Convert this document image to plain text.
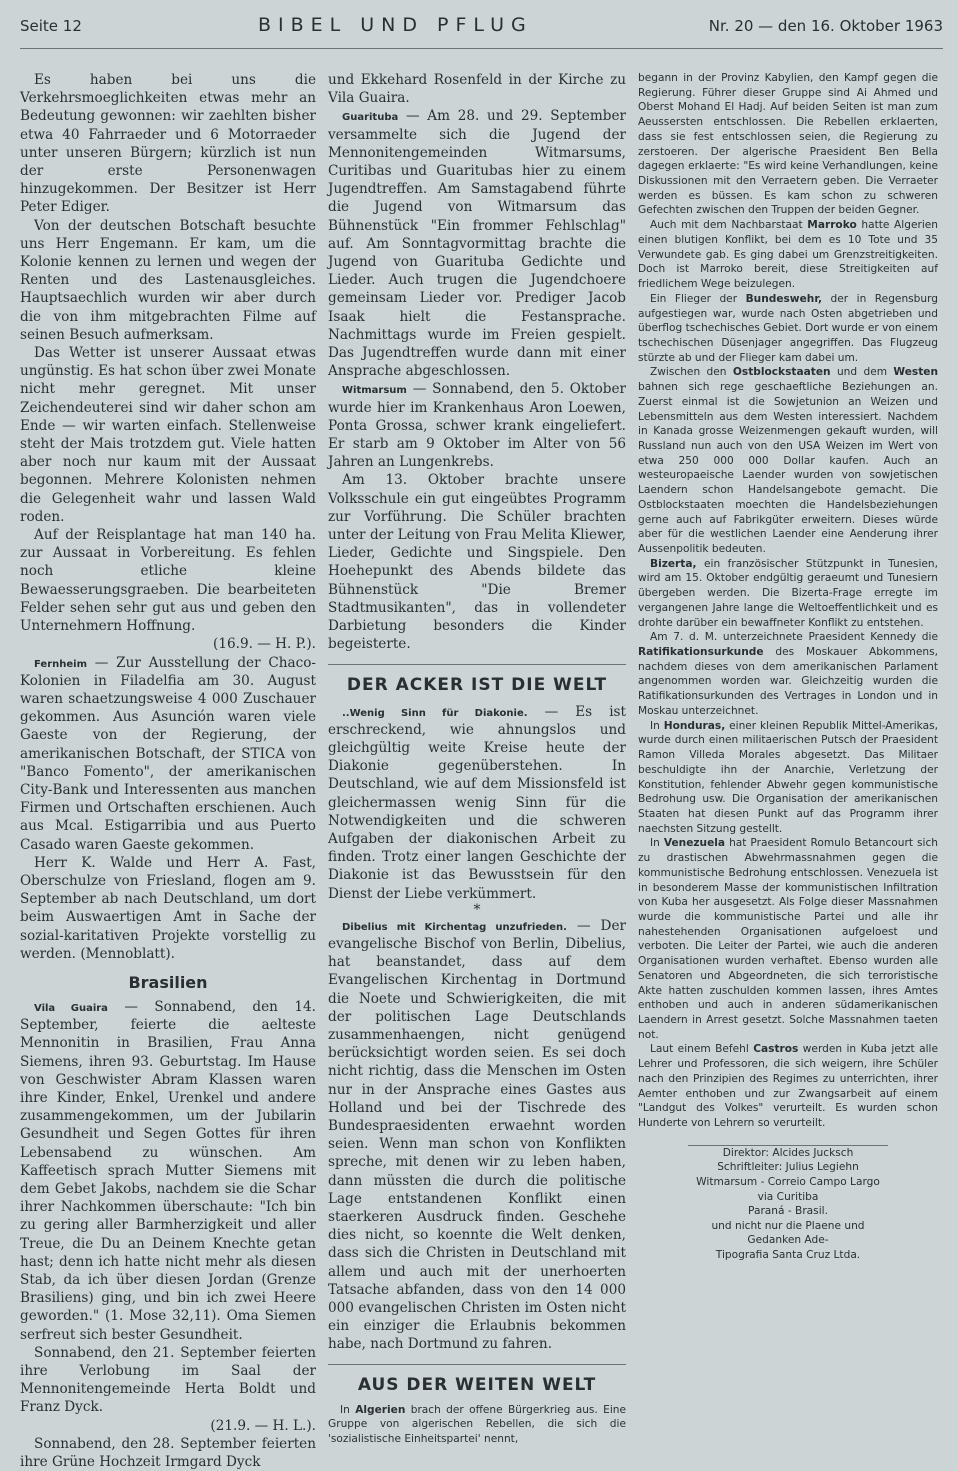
Seite 12	BIBEL UND PFLUG	Nr. 20 — den 16. Oktober 1963

Es haben bei uns die Verkehrsmoeglichkeiten etwas mehr an Bedeutung gewonnen: wir zaehlten bisher etwa 40 Fahrraeder und 6 Motorraeder unter unseren Bürgern; kürzlich ist nun der erste Personenwagen hinzugekommen. Der Besitzer ist Herr Peter Ediger.

Von der deutschen Botschaft besuchte uns Herr Engemann. Er kam, um die Kolonie kennen zu lernen und wegen der Renten und des Lastenausgleiches. Hauptsaechlich wurden wir aber durch die von ihm mitgebrachten Filme auf seinen Besuch aufmerksam.

Das Wetter ist unserer Aussaat etwas ungünstig. Es hat schon über zwei Monate nicht mehr geregnet. Mit unser Zeichendeuterei sind wir daher schon am Ende — wir warten einfach. Stellenweise steht der Mais trotzdem gut. Viele hatten aber noch nur kaum mit der Aussaat begonnen. Mehrere Kolonisten nehmen die Gelegenheit wahr und lassen Wald roden.

Auf der Reisplantage hat man 140 ha. zur Aussaat in Vorbereitung. Es fehlen noch etliche kleine Bewaesserungsgraeben. Die bearbeiteten Felder sehen sehr gut aus und geben den Unternehmern Hoffnung.
(16.9. — H. P.).

Fernheim — Zur Ausstellung der Chaco-Kolonien in Filadelfia am 30. August waren schaetzungsweise 4 000 Zuschauer gekommen. Aus Asunción waren viele Gaeste von der Regierung, der amerikanischen Botschaft, der STICA von "Banco Fomento", der amerikanischen City-Bank und Interessenten aus manchen Firmen und Ortschaften erschienen. Auch aus Mcal. Estigarribia und aus Puerto Casado waren Gaeste gekommen.

Herr K. Walde und Herr A. Fast, Oberschulze von Friesland, flogen am 9. September ab nach Deutschland, um dort beim Auswaertigen Amt in Sache der sozial-karitativen Projekte vorstellig zu werden. (Mennoblatt).

Brasilien

Vila Guaira — Sonnabend, den 14. September, feierte die aelteste Mennonitin in Brasilien, Frau Anna Siemens, ihren 93. Geburtstag. Im Hause von Geschwister Abram Klassen waren ihre Kinder, Enkel, Urenkel und andere zusammengekommen, um der Jubilarin Gesundheit und Segen Gottes für ihren Lebensabend zu wünschen. Am Kaffeetisch sprach Mutter Siemens mit dem Gebet Jakobs, nachdem sie die Schar ihrer Nachkommen überschaute: "Ich bin zu gering aller Barmherzigkeit und aller Treue, die Du an Deinem Knechte getan hast; denn ich hatte nicht mehr als diesen Stab, da ich über diesen Jordan (Grenze Brasiliens) ging, und bin ich zwei Heere geworden." (1. Mose 32,11). Oma Siemen serfreut sich bester Gesundheit.

Sonnabend, den 21. September feierten ihre Verlobung im Saal der Mennonitengemeinde Herta Boldt und Franz Dyck.
(21.9. — H. L.).

Sonnabend, den 28. September feierten ihre Grüne Hochzeit Irmgard Dyck

und Ekkehard Rosenfeld in der Kirche zu Vila Guaira.

Guarituba — Am 28. und 29. September versammelte sich die Jugend der Mennonitengemeinden Witmarsums, Curitibas und Guaritubas hier zu einem Jugendtreffen. Am Samstagabend führte die Jugend von Witmarsum das Bühnenstück "Ein frommer Fehlschlag" auf. Am Sonntagvormittag brachte die Jugend von Guarituba Gedichte und Lieder. Auch trugen die Jugendchoere gemeinsam Lieder vor. Prediger Jacob Isaak hielt die Festansprache. Nachmittags wurde im Freien gespielt. Das Jugendtreffen wurde dann mit einer Ansprache abgeschlossen.

Witmarsum — Sonnabend, den 5. Oktober wurde hier im Krankenhaus Aron Loewen, Ponta Grossa, schwer krank eingeliefert. Er starb am 9 Oktober im Alter von 56 Jahren an Lungenkrebs.

Am 13. Oktober brachte unsere Volksschule ein gut eingeübtes Programm zur Vorführung. Die Schüler brachten unter der Leitung von Frau Melita Kliewer, Lieder, Gedichte und Singspiele. Den Hoehepunkt des Abends bildete das Bühnenstück "Die Bremer Stadtmusikanten", das in vollendeter Darbietung besonders die Kinder begeisterte.

DER ACKER IST DIE WELT

..Wenig Sinn für Diakonie. — Es ist erschreckend, wie ahnungslos und gleichgültig weite Kreise heute der Diakonie gegenüberstehen. In Deutschland, wie auf dem Missionsfeld ist gleichermassen wenig Sinn für die Notwendigkeiten und die schweren Aufgaben der diakonischen Arbeit zu finden. Trotz einer langen Geschichte der Diakonie ist das Bewusstsein für den Dienst der Liebe verkümmert.

*

Dibelius mit Kirchentag unzufrieden. — Der evangelische Bischof von Berlin, Dibelius, hat beanstandet, dass auf dem Evangelischen Kirchentag in Dortmund die Noete und Schwierigkeiten, die mit der politischen Lage Deutschlands zusammenhaengen, nicht genügend berücksichtigt worden seien. Es sei doch nicht richtig, dass die Menschen im Osten nur in der Ansprache eines Gastes aus Holland und bei der Tischrede des Bundespraesidenten erwaehnt worden seien. Wenn man schon von Konflikten spreche, mit denen wir zu leben haben, dann müssten die durch die politische Lage entstandenen Konflikt einen staerkeren Ausdruck finden. Geschehe dies nicht, so koennte die Welt denken, dass sich die Christen in Deutschland mit allem und auch mit der unerhoerten Tatsache abfanden, dass von den 14 000 000 evangelischen Christen im Osten nicht ein einziger die Erlaubnis bekommen habe, nach Dortmund zu fahren.

AUS DER WEITEN WELT

In Algerien brach der offene Bürgerkrieg aus. Eine Gruppe von algerischen Rebellen, die sich die 'sozialistische Einheitspartei' nennt,

begann in der Provinz Kabylien, den Kampf gegen die Regierung. Führer dieser Gruppe sind Ai Ahmed und Oberst Mohand El Hadj. Auf beiden Seiten ist man zum Aeussersten entschlossen. Die Rebellen erklaerten, dass sie fest entschlossen seien, die Regierung zu zerstoeren. Der algerische Praesident Ben Bella dagegen erklaerte: "Es wird keine Verhandlungen, keine Diskussionen mit den Verraetern geben. Die Verraeter werden es büssen. Es kam schon zu schweren Gefechten zwischen den Truppen der beiden Gegner.

Auch mit dem Nachbarstaat Marroko hatte Algerien einen blutigen Konflikt, bei dem es 10 Tote und 35 Verwundete gab. Es ging dabei um Grenzstreitigkeiten. Doch ist Marroko bereit, diese Streitigkeiten auf friedlichem Wege beizulegen.

Ein Flieger der Bundeswehr, der in Regensburg aufgestiegen war, wurde nach Osten abgetrieben und überflog tschechisches Gebiet. Dort wurde er von einem tschechischen Düsenjager angegriffen. Das Flugzeug stürzte ab und der Flieger kam dabei um.

Zwischen den Ostblockstaaten und dem Westen bahnen sich rege geschaeftliche Beziehungen an. Zuerst einmal ist die Sowjetunion an Weizen und Lebensmitteln aus dem Westen interessiert. Nachdem in Kanada grosse Weizenmengen gekauft wurden, will Russland nun auch von den USA Weizen im Wert von etwa 250 000 000 Dollar kaufen. Auch an westeuropaeische Laender wurden von sowjetischen Laendern schon Handelsangebote gemacht. Die Ostblockstaaten moechten die Handelsbeziehungen gerne auch auf Fabrikgüter erweitern. Dieses würde aber für die westlichen Laender eine Aenderung ihrer Aussenpolitik bedeuten.

Bizerta, ein französischer Stützpunkt in Tunesien, wird am 15. Oktober endgültig geraeumt und Tunesiern übergeben werden. Die Bizerta-Frage erregte im vergangenen Jahre lange die Weltoeffentlichkeit und es drohte darüber ein bewaffneter Konflikt zu entstehen.

Am 7. d. M. unterzeichnete Praesident Kennedy die Ratifikationsurkunde des Moskauer Abkommens, nachdem dieses von dem amerikanischen Parlament angenommen worden war. Gleichzeitig wurden die Ratifikationsurkunden des Vertrages in London und in Moskau unterzeichnet.

In Honduras, einer kleinen Republik Mittel-Amerikas, wurde durch einen militaerischen Putsch der Praesident Ramon Villeda Morales abgesetzt. Das Militaer beschuldigte ihn der Anarchie, Verletzung der Konstitution, fehlender Abwehr gegen kommunistische Bedrohung usw. Die Organisation der amerikanischen Staaten hat diesen Punkt auf das Programm ihrer naechsten Sitzung gestellt.

In Venezuela hat Praesident Romulo Betancourt sich zu drastischen Abwehrmassnahmen gegen die kommunistische Bedrohung entschlossen. Venezuela ist in besonderem Masse der kommunistischen Infiltration von Kuba her ausgesetzt. Als Folge dieser Massnahmen wurde die kommunistische Partei und alle ihr nahestehenden Organisationen aufgeloest und verboten. Die Leiter der Partei, wie auch die anderen Organisationen wurden verhaftet. Ebenso wurden alle Senatoren und Abgeordneten, die sich terroristische Akte hatten zuschulden kommen lassen, ihres Amtes enthoben und auch in anderen südamerikanischen Laendern in Arrest gesetzt. Solche Massnahmen taeten not.

Laut einem Befehl Castros werden in Kuba jetzt alle Lehrer und Professoren, die sich weigern, ihre Schüler nach den Prinzipien des Regimes zu unterrichten, ihrer Aemter enthoben und zur Zwangsarbeit auf einem "Landgut des Volkes" verurteilt. Es wurden schon Hunderte von Lehrern so verurteilt.

Direktor: Alcides Jucksch
Schriftleiter: Julius Legiehn
Witmarsum - Correio Campo Largo via Curitiba
Paraná - Brasil.
und nicht nur die Plaene und Gedanken Ade-
Tipografia Santa Cruz Ltda.
